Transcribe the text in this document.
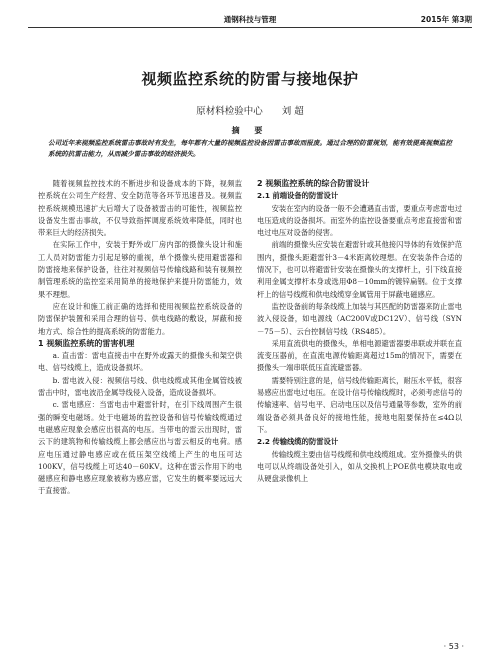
通钢科技与管理	2015年 第3期
视频监控系统的防雷与接地保护
原材料检验中心 刘 超
摘 要
公司近年来视频监控系统雷击事故时有发生，每年都有大量的视频监控设备因雷击事故而报废。通过合理的防雷规划，能有效提高视频监控系统的抗雷击能力，从而减少雷击事故的经济损失。

随着视频监控技术的不断进步和设备成本的下降，视频监控系统在公司生产经营、安全防范等各环节迅速普及。视频监控系统规模迅速扩大后增大了设备被雷击的可能性，视频监控设备发生雷击事故，不仅导致指挥调度系统效率降低，同时也带来巨大的经济损失。

在实际工作中，安装于野外或厂房内部的摄像头设计和施工人员对防雷能力引起足够的重视，单个摄像头使用避雷器和防雷接地来保护设备，往往对视频信号传输线路和装有视频控制管理系统的监控室采用简单的接地保护来提升防雷能力，效果不理想。

应在设计和施工前正确的选择和使用视频监控系统设备的防雷保护装置和采用合理的信号、供电线路的敷设，屏蔽和接地方式、综合性的提高系统的防雷能力。

1 视频监控系统的雷害机理

a. 直击雷：雷电直接击中在野外或露天的摄像头和架空供电、信号线缆上，造成设备损坏。

b. 雷电波入侵：视频信号线、供电线缆或其他金属管线被雷击中时，雷电波沿金属导线侵入设备，造成设备损坏。

c. 雷电感应：当雷电击中避雷针时，在引下线周围产生很强的瞬变电磁场。处于电磁场的监控设备和信号传输线缆通过电磁感应现象会感应出很高的电压。当带电的雷云出现时，雷云下的建筑物和传输线缆上都会感应出与雷云相反的电荷。感应电压通过静电感应或在低压架空线缆上产生的电压可达100KV，信号线缆上可达40－60KV。这种在雷云作用下的电磁感应和静电感应现象被称为感应雷，它发生的概率要远远大于直接雷。

2 视频监控系统的综合防雷设计

2.1 前端设备的防雷设计

安装在室内的设备一般不会遭遇直击雷，要重点考虑雷电过电压造成的设备损坏。而室外的监控设备要重点考虑直接雷和雷电过电压对设备的侵害。

前端的摄像头应安装在避雷针或其他接闪导体的有效保护范围内，摄像头距避雷针3－4米距离较理想。在安装条件合适的情况下，也可以将避雷针安装在摄像头的支撑杆上，引下线直接利用金属支撑杆本身或选用Φ8－10mm的镀锌扁钢。位于支撑杆上的信号线缆和供电线缆穿金属管用于屏蔽电磁感应。

监控设备前的每条线缆上加装与其匹配的防雷器来防止雷电波入侵设备，如电源线（AC200V或DC12V）、信号线（SYN－75－5）、云台控制信号线（RS485）。

采用直流供电的摄像头，单相电源避雷器要串联或并联在直流变压器前，在直流电源传输距离超过15m的情况下，需要在摄像头一端串联低压直流避雷器。

需要特别注意的是，信号线传输距离长，耐压水平低，很容易感应出雷电过电压。在设计信号传输线缆时，必须考虑信号的传输速率、信号电平、启动电压以及信号通量等参数，室外的前端设备必须具备良好的接地性能，接地电阻要保持在≤4Ω以下。

2.2 传输线缆的防雷设计

传输线缆主要由信号线缆和供电线缆组成。室外摄像头的供电可以从终端设备处引入，如从交换机上POE供电模块取电或从硬盘录像机上

· 53 ·
